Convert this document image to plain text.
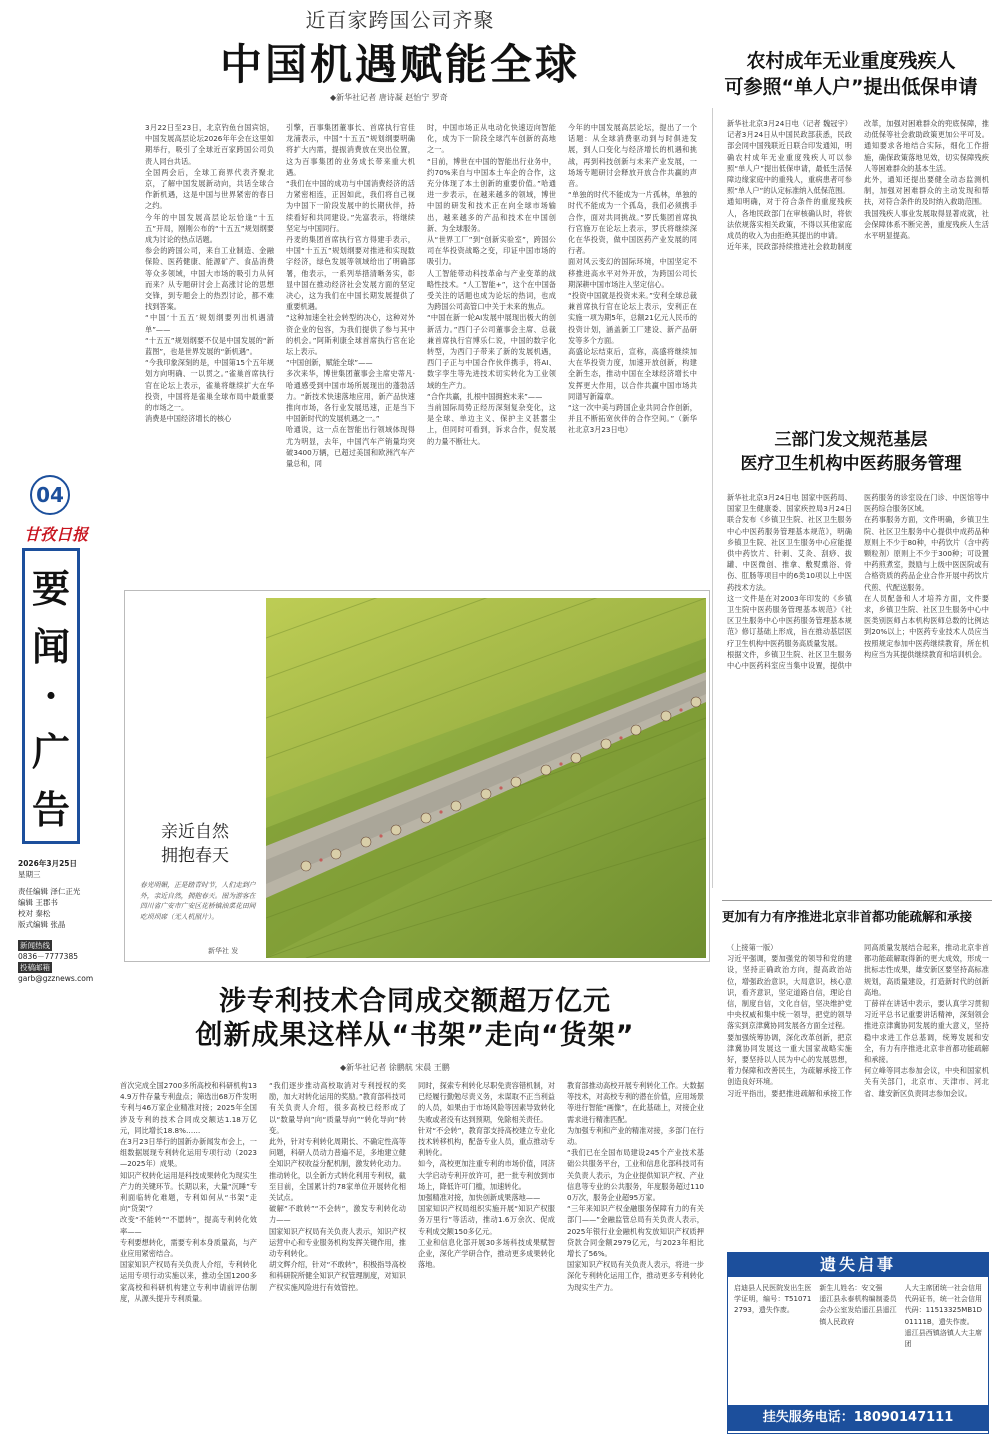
近百家跨国公司齐聚
中国机遇赋能全球
◆新华社记者 唐诗凝 赵怡宁 罗奇
3月22日至23日，北京钓鱼台国宾馆，中国发展高层论坛2026年年会在这里如期举行，吸引了全球近百家跨国公司负责人同台共话。
全国两会后，全球工商界代表齐聚北京，了解中国发展新动向，共话全球合作新机遇，这是中国与世界紧密的春日之约。
今年的中国发展高层论坛恰逢“十五五”开局，刚刚公布的“十五五”规划纲要成为讨论的热点话题。
参会的跨国公司，来自工业制造、金融保险、医药健康、能源矿产、食品消费等众多领域，中国大市场的吸引力从何而来？从专题研讨会上高涨讨论的思想交锋，到专题会上的热烈讨论，都不难找到答案。
“中国‘十五五’规划纲要列出机遇清单”——
“十五五”规划纲要不仅是中国发展的“新蓝图”，也是世界发展的“新机遇”。
“今我印象深刻的是，中国第15个五年规划方向明确、一以贯之。”雀巢首席执行官在论坛上表示，雀巢将继续扩大在华投资，中国将是雀巢全球布局中最重要的市场之一。
消费是中国经济增长的核心
引擎，百事集团董事长、首席执行官佳龙浦表示，中国“十五五”规划纲要明确将扩大内需，提振消费放在突出位置，这为百事集团的业务成长带来重大机遇。
“我们在中国的成功与中国消费经济的活力紧密相连，正因如此，我们将自己视为中国下一阶段发展中的长期伙伴，持续看好和共同建设。”先富表示，将继续坚定与中国同行。
丹麦的集团首席执行官方得建手表示，中国“十五五”规划纲要对推进和实现数字经济，绿色发展等领域给出了明确部署，他表示，一系列举措清晰务实，彰显中国在推动经济社会发展方面的坚定决心，这为我们在中国长期发展提供了重要机遇。
“这种加速全社会转型的决心，这种对外资企业的包容，为我们提供了参与其中的机会。”阿斯利康全球首席执行官在论坛上表示。
“中国创新，赋能全球”——
多次来华，博世集团董事会主席史蒂凡·哈通感受到中国市场所展现出的蓬勃活力。“新技术快速落地应用，新产品快速推向市场，各行业发展迅速，正是当下中国新时代的发展机遇之一。”
哈通说，这一点在智能出行领域体现得尤为明显，去年，中国汽车产销量均突破3400万辆，已超过美国和欧洲汽车产量总和，同
时，中国市场正从电动化快速迈向智能化，成为下一阶段全球汽车创新的高地之一。
“目前，博世在中国的智能出行业务中，约70%来自与中国本土车企的合作，这充分体现了本土创新的重要价值。”哈通进一步表示，在越来越多的领域，博世中国的研发和技术正在向全球市场输出，越来越多的产品和技术在中国创新、为全球服务。
从“世界工厂”到“创新实验室”，跨国公司在华投资战略之变，印证中国市场的吸引力。
人工智能带动科技革命与产业变革的战略性技术。“人工智能+”，这个在中国备受关注的话题也成为论坛的热词，也成为跨国公司高管口中关于未来的焦点。
“中国在新一轮AI发展中展现出极大的创新活力。”西门子公司董事会主席、总裁兼首席执行官博乐仁说，中国的数字化转型，为西门子带来了新的发展机遇，西门子正与中国合作伙伴携手，将AI、数字孪生等先进技术切实转化为工业领域的生产力。
“合作共赢，扎根中国拥抱未来”——
当前国际局势正经历深刻复杂变化，这是全球、单边主义、保护主义甚嚣尘上，但同时可看到，诉求合作，促发展的力量不断壮大。
今年的中国发展高层论坛，提出了一个话题：从全球消费驱动到与时俱进发展，到人口变化与经济增长的机遇和挑战，再到科技创新与未来产业发展，一场场专题研讨会释放开放合作共赢的声音。
“单独的时代不能成为一片孤林，单独的时代不能成为一个孤岛，我们必须携手合作，面对共同挑战。”罗氏集团首席执行官施万在论坛上表示，罗氏将继续深化在华投资，做中国医药产业发展的同行者。
面对风云变幻的国际环境，中国坚定不移推进高水平对外开放，为跨国公司长期深耕中国市场注入坚定信心。
“投资中国就是投资未来。”安利全球总裁兼首席执行官在论坛上表示，安利正在实施一项为期5年，总额21亿元人民币的投资计划，涵盖新工厂建设、新产品研发等多个方面。
高盛论坛结束后，宣称，高盛将继续加大在华投资力度，加速开放创新，构建全新生态，推动中国在全球经济增长中发挥更大作用，以合作共赢中国市场共同谱写新篇章。
“这一次中美与跨国企业共同合作创新，并且不断拓宽伙伴的合作空间。”（新华社北京3月23日电）
农村成年无业重度残疾人
可参照“单人户”提出低保申请
新华社北京3月24日电（记者 魏冠宇）记者3月24日从中国民政部获悉，民政部会同中国残联近日联合印发通知，明确农村成年无业重度残疾人可以参照“单人户”提出低保申请，最低生活保障边缘家庭中的重残人，重病患者可参照“单人户”的认定标准纳入低保范围。
通知明确，对于符合条件的重度残疾人，各地民政部门在审核确认时，将依法依规落实相关政策，不得以其他家庭成员的收入为由拒绝其提出的申请。
近年来，民政部持续推进社会救助制度改革，加强对困难群众的兜底保障，推动低保等社会救助政策更加公平可及。通知要求各地结合实际，细化工作措施，确保政策落地见效，切实保障残疾人等困难群众的基本生活。
此外，通知还提出要健全动态监测机制，加强对困难群众的主动发现和帮扶，对符合条件的及时纳入救助范围。
我国残疾人事业发展取得显著成就，社会保障体系不断完善，重度残疾人生活水平明显提高。
三部门发文规范基层
医疗卫生机构中医药服务管理
新华社北京3月24日电 国家中医药局、国家卫生健康委、国家疾控局3月24日联合发布《乡镇卫生院、社区卫生服务中心中医药服务管理基本规范》，明确乡镇卫生院、社区卫生服务中心应能提供中药饮片、针刺、艾灸、刮痧、拔罐、中医微创、推拿、敷熨熏浴、骨伤、肛肠等项目中的6类10项以上中医药技术方法。
这一文件是在对2003年印发的《乡镇卫生院中医药服务管理基本规范》《社区卫生服务中心中医药服务管理基本规范》修订基础上形成，旨在推动基层医疗卫生机构中医药服务高质量发展。
根据文件，乡镇卫生院、社区卫生服务中心中医药科室应当集中设置，提供中医药服务的诊室设在门诊、中医馆等中医药综合服务区域。
在药事服务方面，文件明确，乡镇卫生院、社区卫生服务中心提供中成药品种原则上不少于80种，中药饮片（含中药颗粒剂）原则上不少于300种；可设置中药煎煮室，鼓励与上级中医医院或有合格资质的药品企业合作开展中药饮片代煎、代配送服务。
在人员配备和人才培养方面，文件要求，乡镇卫生院、社区卫生服务中心中医类别医师占本机构医师总数的比例达到20%以上；中医药专业技术人员应当按照规定参加中医药继续教育，所在机构应当为其提供继续教育和培训机会。
更加有力有序推进北京非首都功能疏解和承接
（上接第一版）
习近平强调，要加强党的领导和党的建设，坚持正确政治方向，提高政治站位，增强政治意识，大局意识，核心意识，看齐意识，坚定道路自信，理论自信，制度自信，文化自信，坚决维护党中央权威和集中统一领导，把党的领导落实到京津冀协同发展各方面全过程。
要加强统筹协调，深化改革创新，把京津冀协同发展这一重大国家战略实施好，要坚持以人民为中心的发展思想，着力保障和改善民生，为疏解承接工作创造良好环境。
习近平指出，要把推进疏解和承接工作同高质量发展结合起来，推动北京非首都功能疏解取得新的更大成效，形成一批标志性成果，雄安新区要坚持高标准规划，高质量建设，打造新时代的创新高地。
丁薛祥在讲话中表示，要认真学习贯彻习近平总书记重要讲话精神，深刻领会推进京津冀协同发展的重大意义，坚持稳中求进工作总基调，统筹发展和安全，有力有序推进北京非首都功能疏解和承接。
何立峰等同志参加会议，中央和国家机关有关部门，北京市、天津市、河北省、雄安新区负责同志参加会议。
遗失启事
启迪县人民医院发出生医学证明，编号：T510712793，遗失作废。
新生儿姓名：安文强
遥江县永泰机构编制委员会办公室发给遥江县遥江镇人民政府
人大主席团统一社会信用代码证书，统一社会信用代码：11513325MB1D01111B，遗失作废。
遥江县西镇洛镇人大主席团
挂失服务电话：18090147111
04
甘孜日报
要
闻
·
广
告
2026年3月25日
星期三
责任编辑 泽仁正光
编辑 王郡书
校对 秦松
版式编辑 张晶
新闻热线
0836－7777385
投稿邮箱
garb@gzznews.com
亲近自然
拥抱春天
春光明媚，正是踏青时节，人们走到户外，亲近自然，拥抱春天。图为游客在四川省广安市广安区花桥镇油菜花田间吃坝坝席（无人机照片）。
新华社 发
涉专利技术合同成交额超万亿元
创新成果这样从“书架”走向“货架”
◆新华社记者 徐鹏航 宋晨 王鹏
首次完成全国2700多所高校和科研机构134.9万件存量专利盘点；筛选出68万件发明专利与46万家企业精准对接；2025年全国涉及专利的技术合同成交额达1.18万亿元，同比增长18.8%……
在3月23日举行的国新办新闻发布会上，一组数据展现专利转化运用专项行动（2023—2025年）成果。
知识产权转化运用是科技成果转化为现实生产力的关键环节。长期以来，大量“沉睡”专利面临转化难题，专利如何从“书架”走向“货架”？
改变“不能转”“不愿转”，提高专利转化效率——
专利要想转化，需要专利本身质量高，与产业应用紧密结合。
国家知识产权局有关负责人介绍，专利转化运用专项行动实施以来，推动全国1200多家高校和科研机构建立专利申请前评估制度，从源头提升专利质量。
“我们逐步推动高校取消对专利授权的奖励，加大对转化运用的奖励。”教育部科技司有关负责人介绍，很多高校已经形成了以“数量导向”向“质量导向”“转化导向”转变。
此外，针对专利转化周期长、不确定性高等问题，科研人员动力普遍不足，多地建立健全知识产权收益分配机制，激发转化动力。
推动转化，以全新方式转化利用专利权，截至目前，全国累计约78家单位开展转化相关试点。
破解“不敢转”“不会转”，激发专利转化动力——
国家知识产权局有关负责人表示，知识产权运营中心和专业服务机构发挥关键作用，推动专利转化。
胡文辉介绍，针对“不敢转”，积极指导高校和科研院所健全知识产权管理制度，对知识产权实施风险进行有效管控。
同时，探索专利转化尽职免责容错机制，对已经履行勤勉尽责义务，未谋取不正当利益的人员，如果由于市场风险等因素导致转化失败或者没有达到预期，免除相关责任。
针对“不会转”，教育部支持高校建立专业化技术转移机构，配备专业人员，重点推动专利转化。
如今，高校更加注重专利的市场价值，同济大学启动专利开放许可，把一批专利放到市场上，降低许可门槛，加速转化。
加强精准对接，加快创新成果落地——
国家知识产权局组织实施开展“知识产权服务万里行”等活动，推动1.6万余次、促成专利成交额150多亿元。
工业和信息化部开展30多场科技成果赋智企业，深化产学研合作，推动更多成果转化落地。
教育部推动高校开展专利转化工作。大数据等技术，对高校专利的潜在价值，应用场景等进行智能“画像”，在此基础上，对接企业需求进行精准匹配。
为加强专利和产业的精准对接，多部门在行动。
“我们已在全国布局建设245个产业技术基础公共服务平台，工业和信息化部科技司有关负责人表示，为企业提供知识产权、产业信息等专业的公共服务，年度服务超过1100万次，服务企业超95万家。
“三年来知识产权金融服务保障有力的有关部门——”金融监管总局有关负责人表示，2025年银行业金融机构发放知识产权质押贷款合同金额2979亿元，与2023年相比增长了56%。
国家知识产权局有关负责人表示，将进一步深化专利转化运用工作，推动更多专利转化为现实生产力。
